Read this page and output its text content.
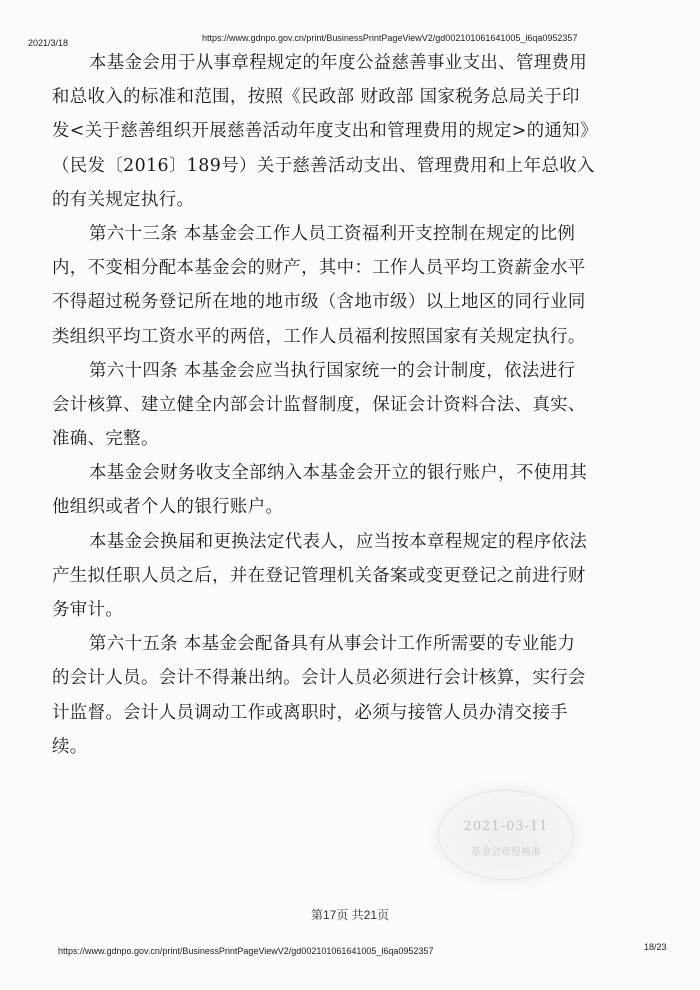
2021/3/18	https://www.gdnpo.gov.cn/print/BusinessPrintPageViewV2/gd002101061641005_l6qa0952357
本基金会用于从事章程规定的年度公益慈善事业支出、管理费用
和总收入的标准和范围，按照《民政部 财政部 国家税务总局关于印
发<关于慈善组织开展慈善活动年度支出和管理费用的规定>的通知》
（民发〔2016〕189号）关于慈善活动支出、管理费用和上年总收入
的有关规定执行。
第六十三条 本基金会工作人员工资福利开支控制在规定的比例
内，不变相分配本基金会的财产，其中：工作人员平均工资薪金水平
不得超过税务登记所在地的地市级（含地市级）以上地区的同行业同
类组织平均工资水平的两倍，工作人员福利按照国家有关规定执行。
第六十四条 本基金会应当执行国家统一的会计制度，依法进行
会计核算、建立健全内部会计监督制度，保证会计资料合法、真实、
准确、完整。
本基金会财务收支全部纳入本基金会开立的银行账户，不使用其
他组织或者个人的银行账户。
本基金会换届和更换法定代表人，应当按本章程规定的程序依法
产生拟任职人员之后，并在登记管理机关备案或变更登记之前进行财
务审计。
第六十五条 本基金会配备具有从事会计工作所需要的专业能力
的会计人员。会计不得兼出纳。会计人员必须进行会计核算，实行会
计监督。会计人员调动工作或离职时，必须与接管人员办清交接手
续。
2021-03-11
基金会章程核准
第17页 共21页
https://www.gdnpo.gov.cn/print/BusinessPrintPageViewV2/gd002101061641005_l6qa0952357	18/23
